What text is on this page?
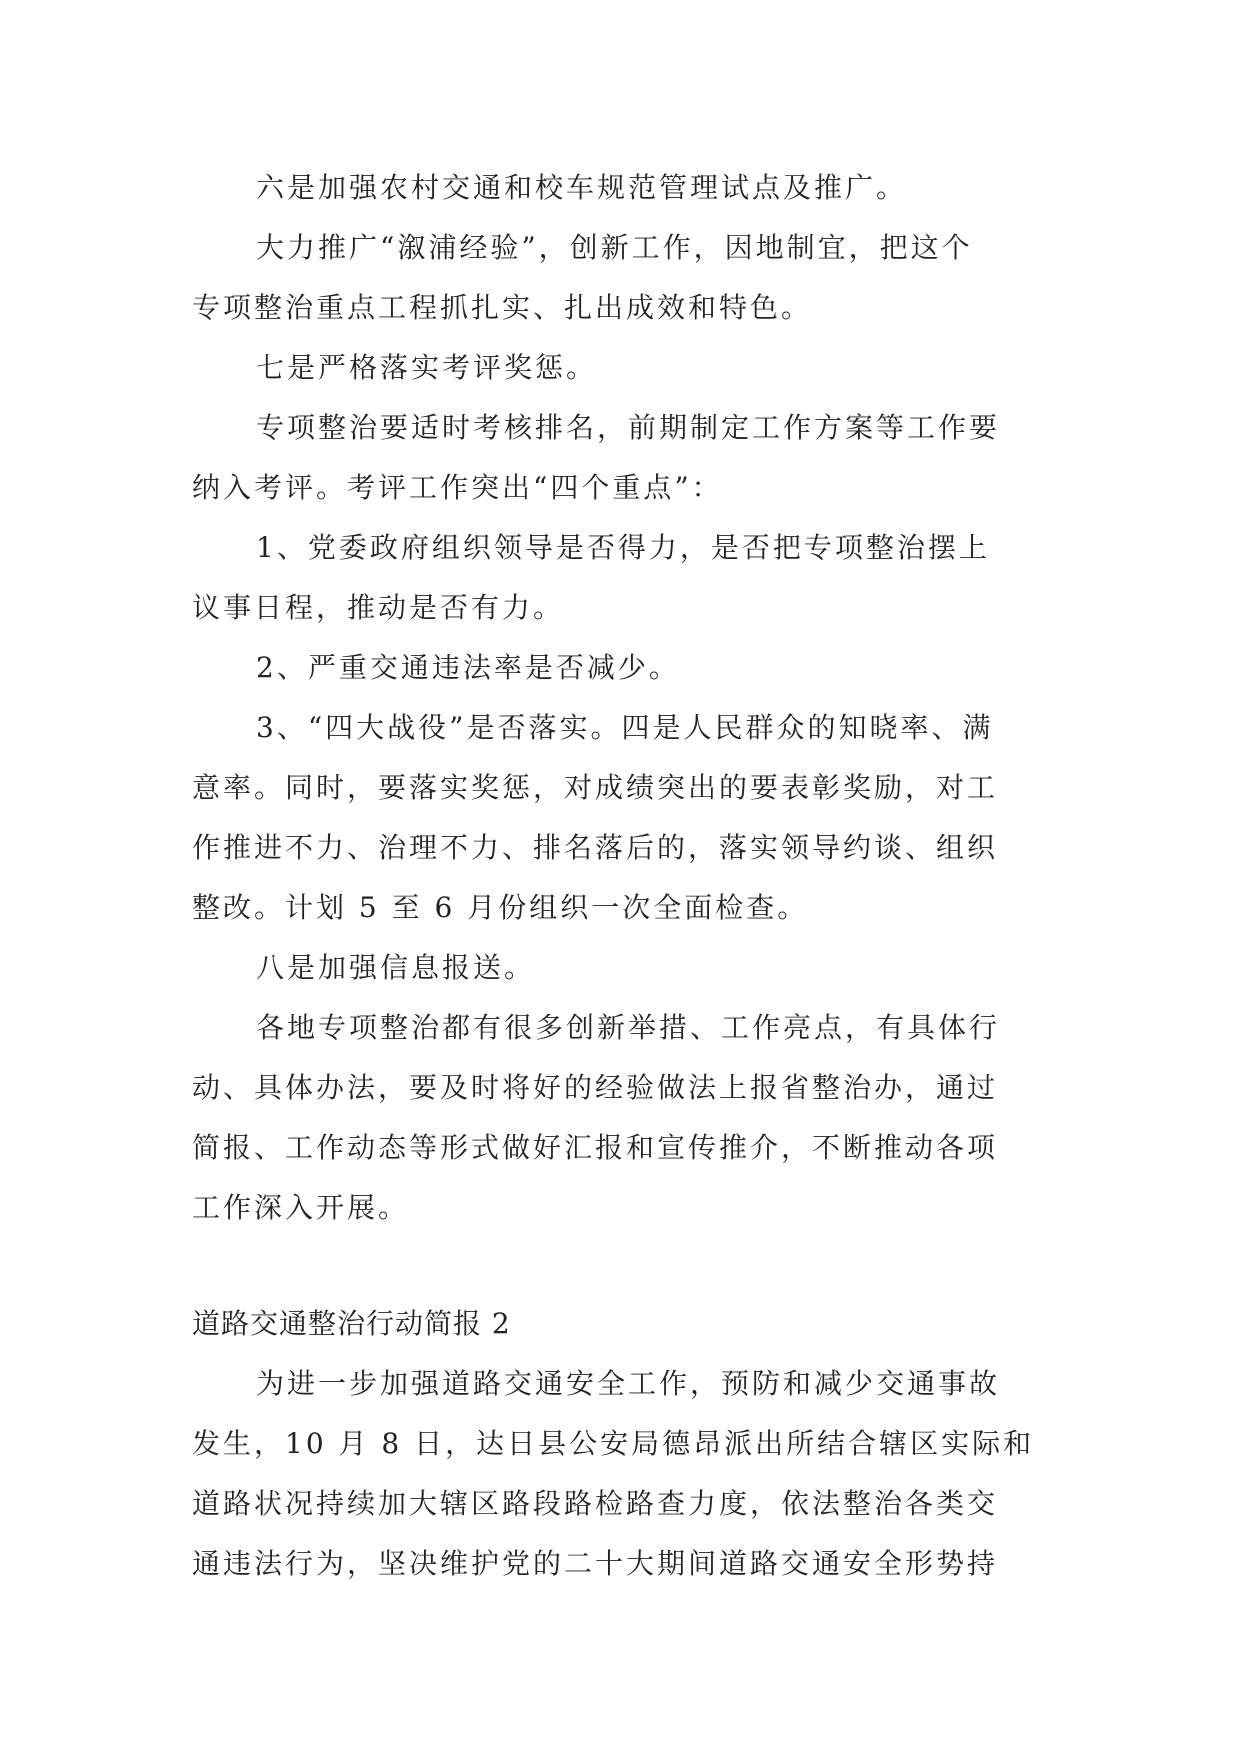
六是加强农村交通和校车规范管理试点及推广。
大力推广“溆浦经验”，创新工作，因地制宜，把这个
专项整治重点工程抓扎实、扎出成效和特色。
七是严格落实考评奖惩。
专项整治要适时考核排名，前期制定工作方案等工作要
纳入考评。考评工作突出“四个重点”：
1、党委政府组织领导是否得力，是否把专项整治摆上
议事日程，推动是否有力。
2、严重交通违法率是否减少。
3、“四大战役”是否落实。四是人民群众的知晓率、满
意率。同时，要落实奖惩，对成绩突出的要表彰奖励，对工
作推进不力、治理不力、排名落后的，落实领导约谈、组织
整改。计划 5 至 6 月份组织一次全面检查。
八是加强信息报送。
各地专项整治都有很多创新举措、工作亮点，有具体行
动、具体办法，要及时将好的经验做法上报省整治办，通过
简报、工作动态等形式做好汇报和宣传推介，不断推动各项
工作深入开展。
道路交通整治行动简报 2
为进一步加强道路交通安全工作，预防和减少交通事故
发生，10 月 8 日，达日县公安局德昂派出所结合辖区实际和
道路状况持续加大辖区路段路检路查力度，依法整治各类交
通违法行为，坚决维护党的二十大期间道路交通安全形势持
